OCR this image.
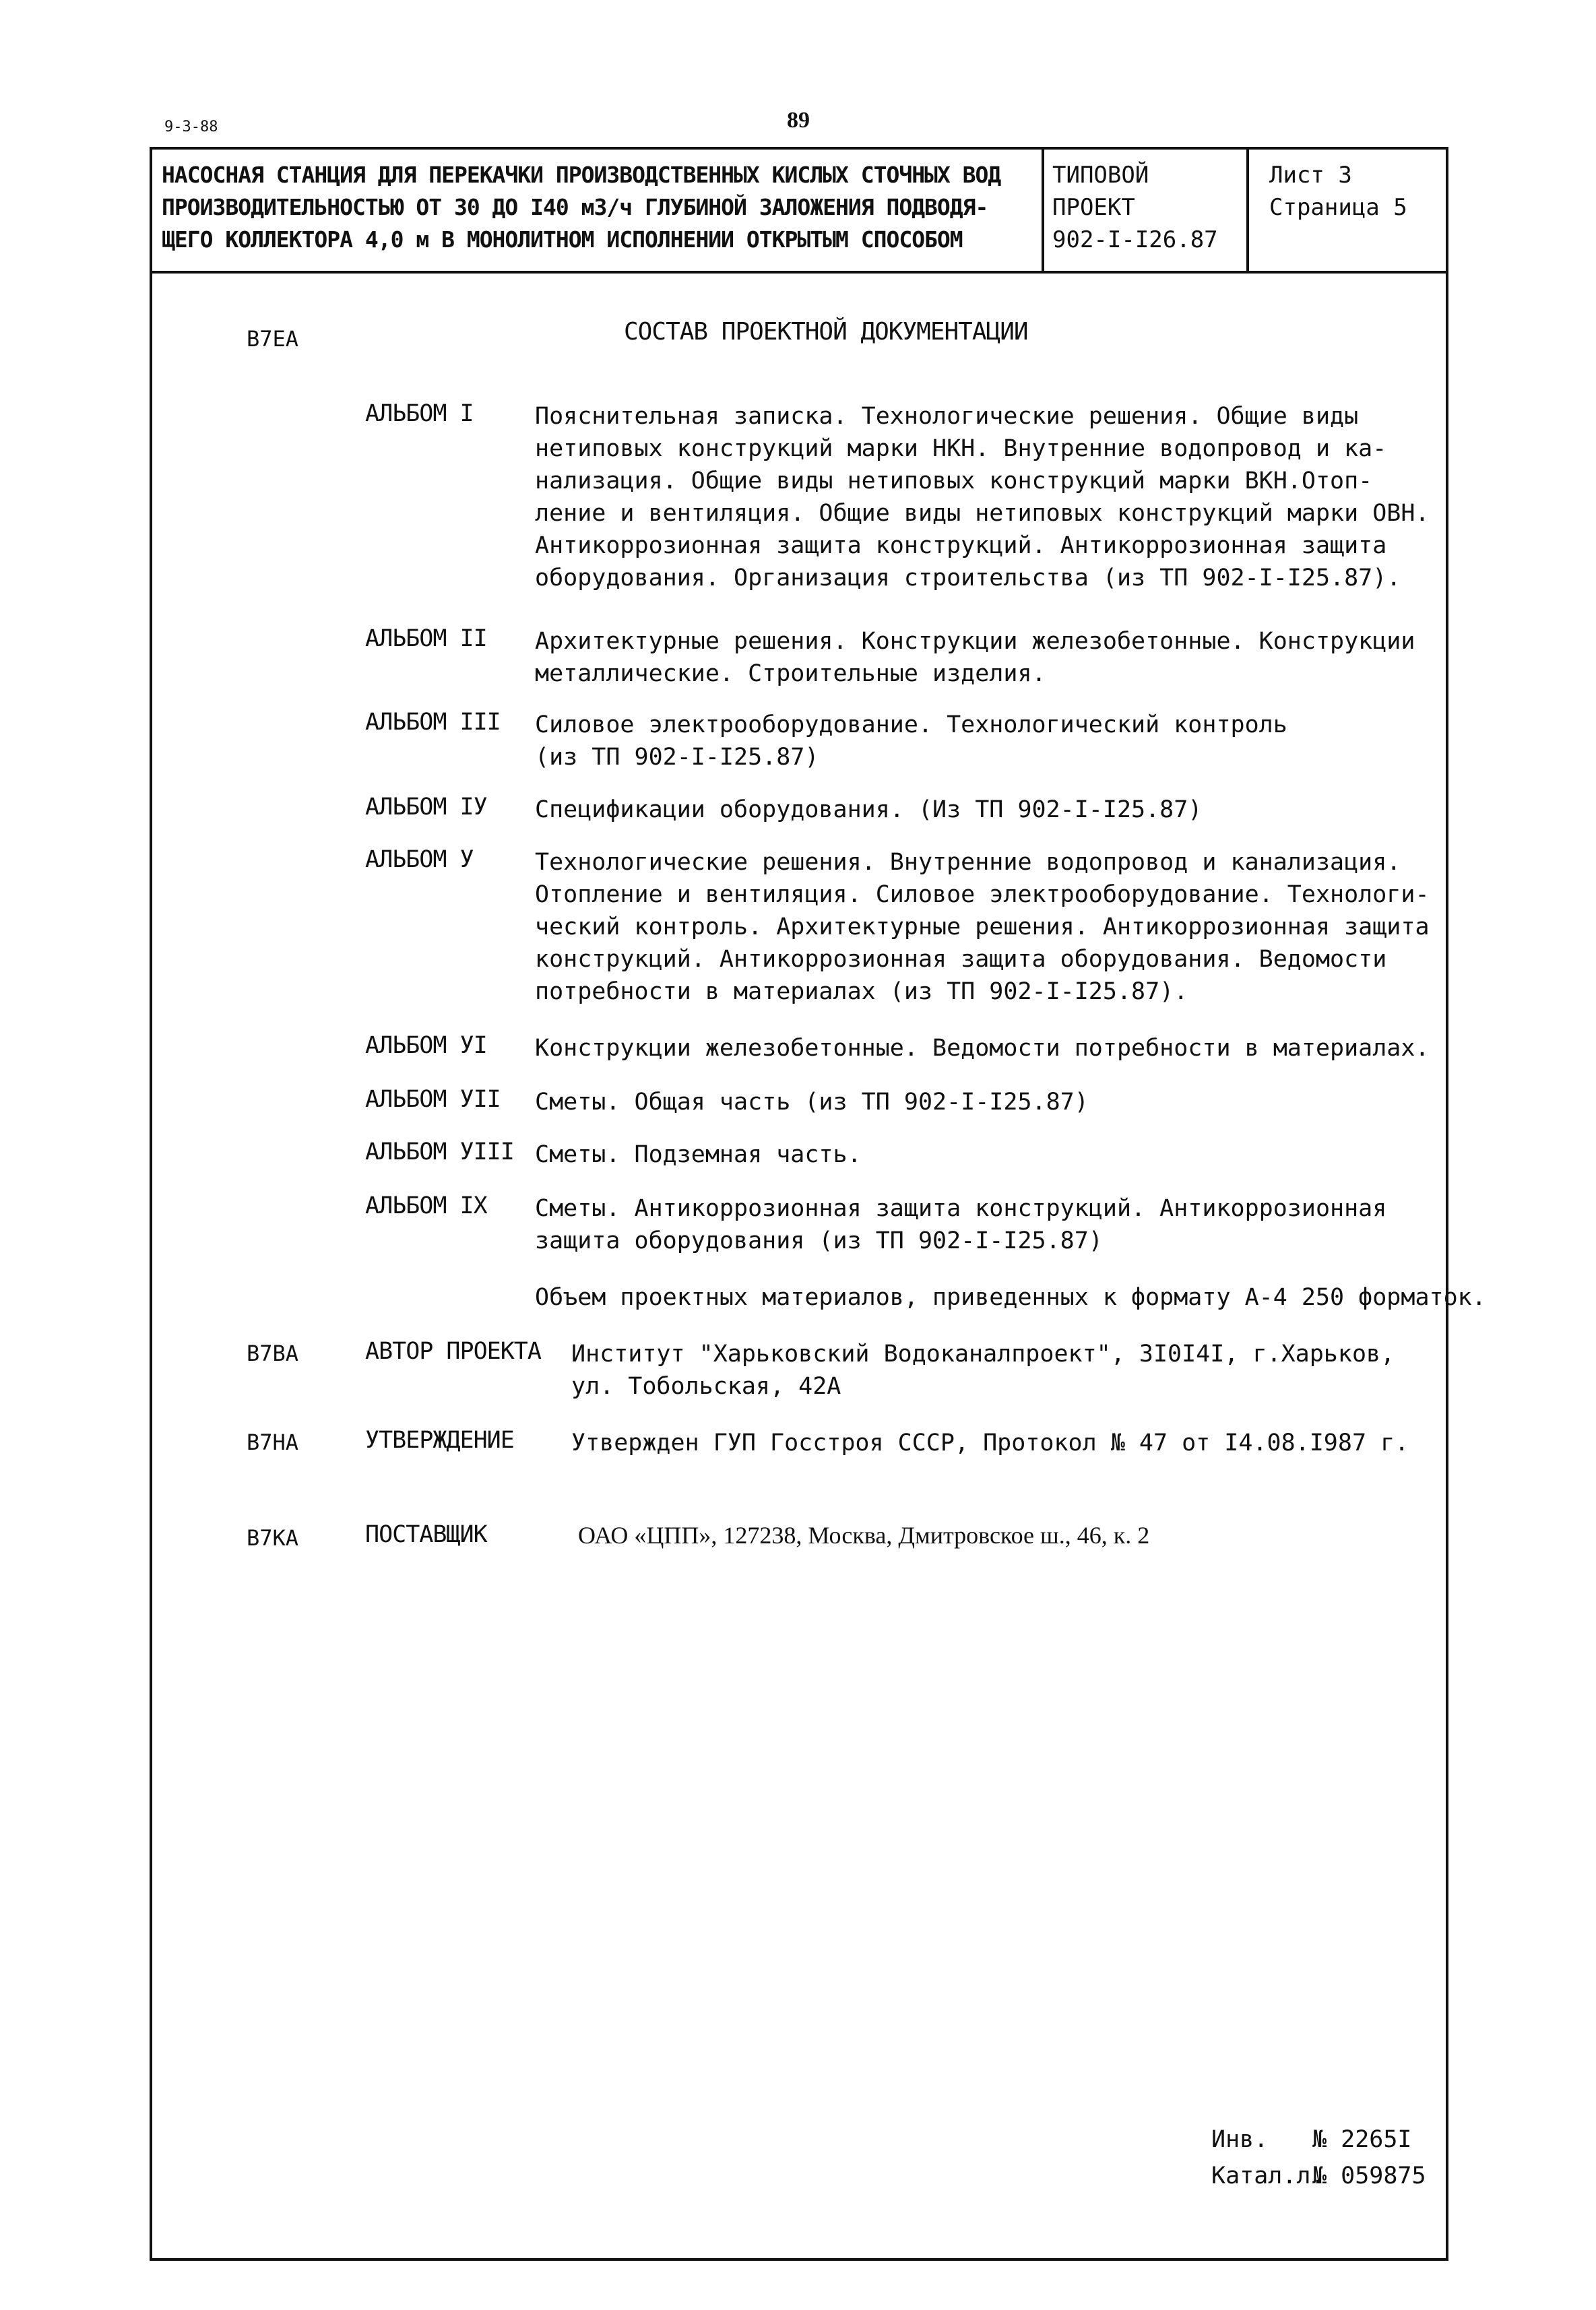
9-3-88	89
НАСОСНАЯ СТАНЦИЯ ДЛЯ ПЕРЕКАЧКИ ПРОИЗВОДСТВЕННЫХ КИСЛЫХ СТОЧНЫХ ВОД
ПРОИЗВОДИТЕЛЬНОСТЬЮ ОТ 30 ДО I40 м3/ч ГЛУБИНОЙ ЗАЛОЖЕНИЯ ПОДВОДЯ-
ЩЕГО КОЛЛЕКТОРА 4,0 м В МОНОЛИТНОМ ИСПОЛНЕНИИ ОТКРЫТЫМ СПОСОБОМ
ТИПОВОЙ ПРОЕКТ
902-I-I26.87
Лист 3
Страница 5
В7ЕА	СОСТАВ ПРОЕКТНОЙ ДОКУМЕНТАЦИИ
АЛЬБОМ I	Пояснительная записка. Технологические решения. Общие виды
нетиповых конструкций марки НКН. Внутренние водопровод и ка-
нализация. Общие виды нетиповых конструкций марки ВКН.Отоп-
ление и вентиляция. Общие виды нетиповых конструкций марки ОВН.
Антикоррозионная защита конструкций. Антикоррозионная защита
оборудования. Организация строительства (из ТП 902-I-I25.87).
АЛЬБОМ II Архитектурные решения. Конструкции железобетонные. Конструкции
металлические. Строительные изделия.
АЛЬБОМ III Силовое электрооборудование. Технологический контроль
(из ТП 902-I-I25.87)
АЛЬБОМ IУ Спецификации оборудования. (Из ТП 902-I-I25.87)
АЛЬБОМ У	Технологические решения. Внутренние водопровод и канализация.
Отопление и вентиляция. Силовое электрооборудование. Технологи-
ческий контроль. Архитектурные решения. Антикоррозионная защита
конструкций. Антикоррозионная защита оборудования. Ведомости
потребности в материалах (из ТП 902-I-I25.87).
АЛЬБОМ УI Конструкции железобетонные. Ведомости потребности в материалах.
АЛЬБОМ УII Сметы. Общая часть (из ТП 902-I-I25.87)
АЛЬБОМ УIII Сметы. Подземная часть.
АЛЬБОМ IX Сметы. Антикоррозионная защита конструкций. Антикоррозионная
защита оборудования (из ТП 902-I-I25.87)
Объем проектных материалов, приведенных к формату А-4 250 форматок.
В7ВА	АВТОР ПРОЕКТА Институт "Харьковский Водоканалпроект", 3I0I4I, г.Харьков,
ул. Тобольская, 42А
В7НА	УТВЕРЖДЕНИЕ Утвержден ГУП Госстроя СССР, Протокол № 47 от I4.08.I987 г.
В7КА	ПОСТАВЩИК	ОАО «ЦПП», 127238, Москва, Дмитровское ш., 46, к. 2
Инв. № 2265I
Катал.л.
№ 059875
